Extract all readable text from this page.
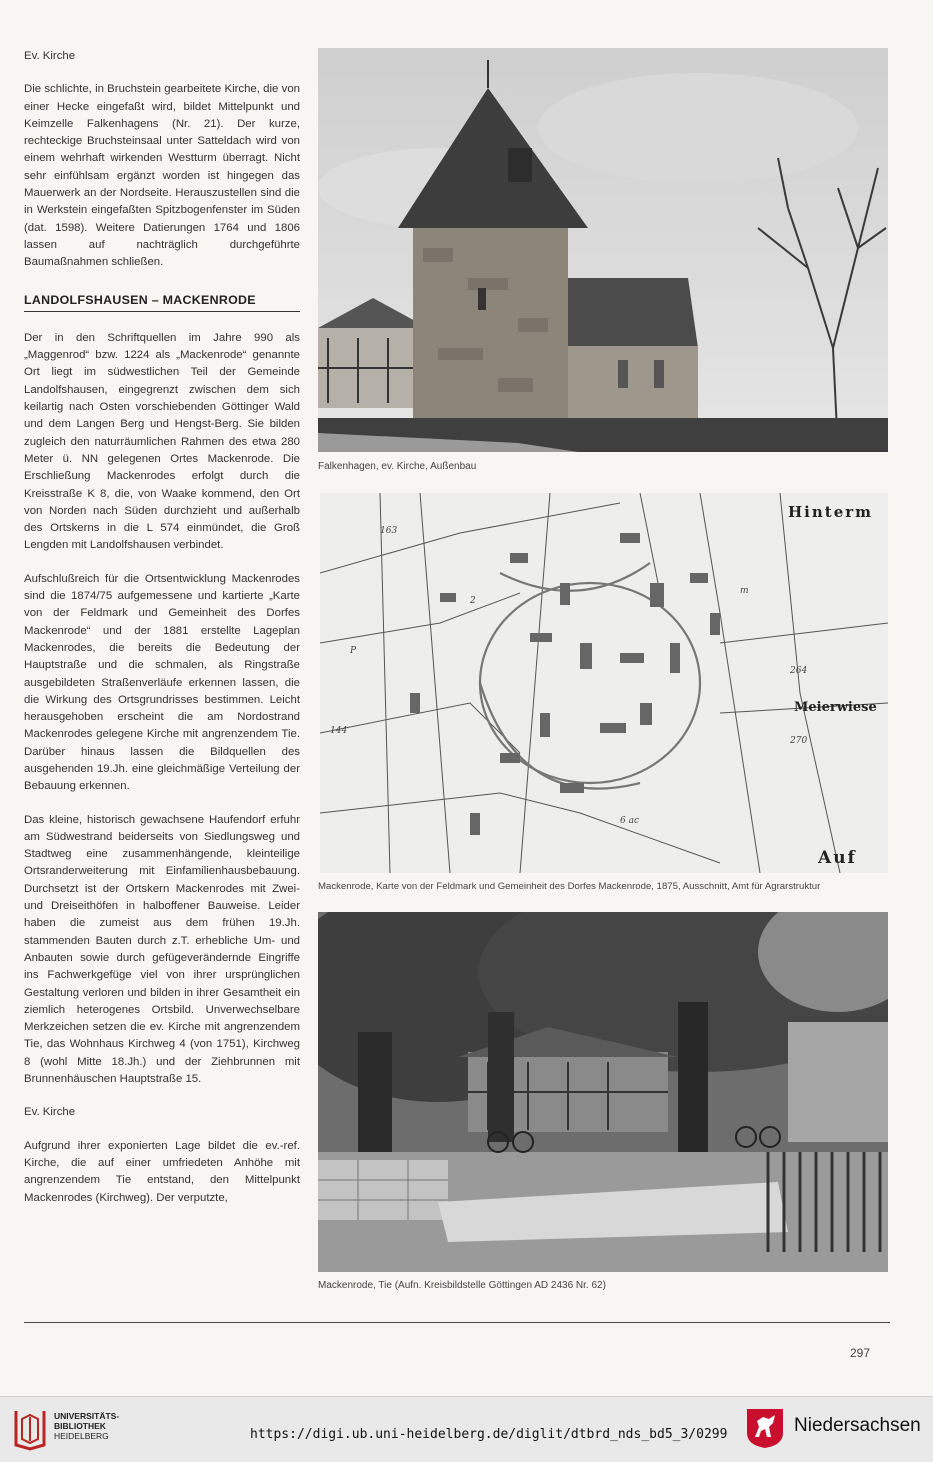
Ev. Kirche

Die schlichte, in Bruchstein gearbeitete Kirche, die von einer Hecke eingefaßt wird, bildet Mittelpunkt und Keimzelle Falkenhagens (Nr. 21). Der kurze, rechteckige Bruchsteinsaal unter Satteldach wird von einem wehrhaft wirkenden Westturm überragt. Nicht sehr einfühlsam ergänzt worden ist hingegen das Mauerwerk an der Nordseite. Herauszustellen sind die in Werkstein eingefaßten Spitzbogenfenster im Süden (dat. 1598). Weitere Datierungen 1764 und 1806 lassen auf nachträglich durchgeführte Baumaßnahmen schließen.

LANDOLFSHAUSEN – MACKENRODE

Der in den Schriftquellen im Jahre 990 als „Maggenrod“ bzw. 1224 als „Mackenrode“ genannte Ort liegt im südwestlichen Teil der Gemeinde Landolfshausen, eingegrenzt zwischen dem sich keilartig nach Osten vorschiebenden Göttinger Wald und dem Langen Berg und Hengst-Berg. Sie bilden zugleich den naturräumlichen Rahmen des etwa 280 Meter ü. NN gelegenen Ortes Mackenrode. Die Erschließung Mackenrodes erfolgt durch die Kreisstraße K 8, die, von Waake kommend, den Ort von Norden nach Süden durchzieht und außerhalb des Ortskerns in die L 574 einmündet, die Groß Lengden mit Landolfshausen verbindet.

Aufschlußreich für die Ortsentwicklung Mackenrodes sind die 1874/75 aufgemessene und kartierte „Karte von der Feldmark und Gemeinheit des Dorfes Mackenrode“ und der 1881 erstellte Lageplan Mackenrodes, die bereits die Bedeutung der Hauptstraße und die schmalen, als Ringstraße ausgebildeten Straßenverläufe erkennen lassen, die die Wirkung des Ortsgrundrisses bestimmen. Leicht herausgehoben erscheint die am Nordostrand Mackenrodes gelegene Kirche mit angrenzendem Tie. Darüber hinaus lassen die Bildquellen des ausgehenden 19.Jh. eine gleichmäßige Verteilung der Bebauung erkennen.

Das kleine, historisch gewachsene Haufendorf erfuhr am Südwestrand beiderseits von Siedlungsweg und Stadtweg eine zusammenhängende, kleinteilige Ortsranderweiterung mit Einfamilienhausbebauung. Durchsetzt ist der Ortskern Mackenrodes mit Zwei- und Dreiseithöfen in halboffener Bauweise. Leider haben die zumeist aus dem frühen 19.Jh. stammenden Bauten durch z.T. erhebliche Um- und Anbauten sowie durch gefügeverändernde Eingriffe ins Fachwerkgefüge viel von ihrer ursprünglichen Gestaltung verloren und bilden in ihrer Gesamtheit ein ziemlich heterogenes Ortsbild. Unverwechselbare Merkzeichen setzen die ev. Kirche mit angrenzendem Tie, das Wohnhaus Kirchweg 4 (von 1751), Kirchweg 8 (wohl Mitte 18.Jh.) und der Ziehbrunnen mit Brunnenhäuschen Hauptstraße 15.

Ev. Kirche

Aufgrund ihrer exponierten Lage bildet die ev.-ref. Kirche, die auf einer umfriedeten Anhöhe mit angrenzendem Tie entstand, den Mittelpunkt Mackenrodes (Kirchweg). Der verputzte,

Falkenhagen, ev. Kirche, Außenbau
163
2
P
m
264
144
270
6 ac
Hinterm
Meierwiese
Auf
Mackenrode, Karte von der Feldmark und Gemeinheit des Dorfes Mackenrode, 1875, Ausschnitt, Amt für Agrarstruktur
Mackenrode, Tie (Aufn. Kreisbildstelle Göttingen AD 2436 Nr. 62)
297
UNIVERSITÄTS-
BIBLIOTHEK
HEIDELBERG	https://digi.ub.uni-heidelberg.de/diglit/dtbrd_nds_bd5_3/0299	Niedersachsen
